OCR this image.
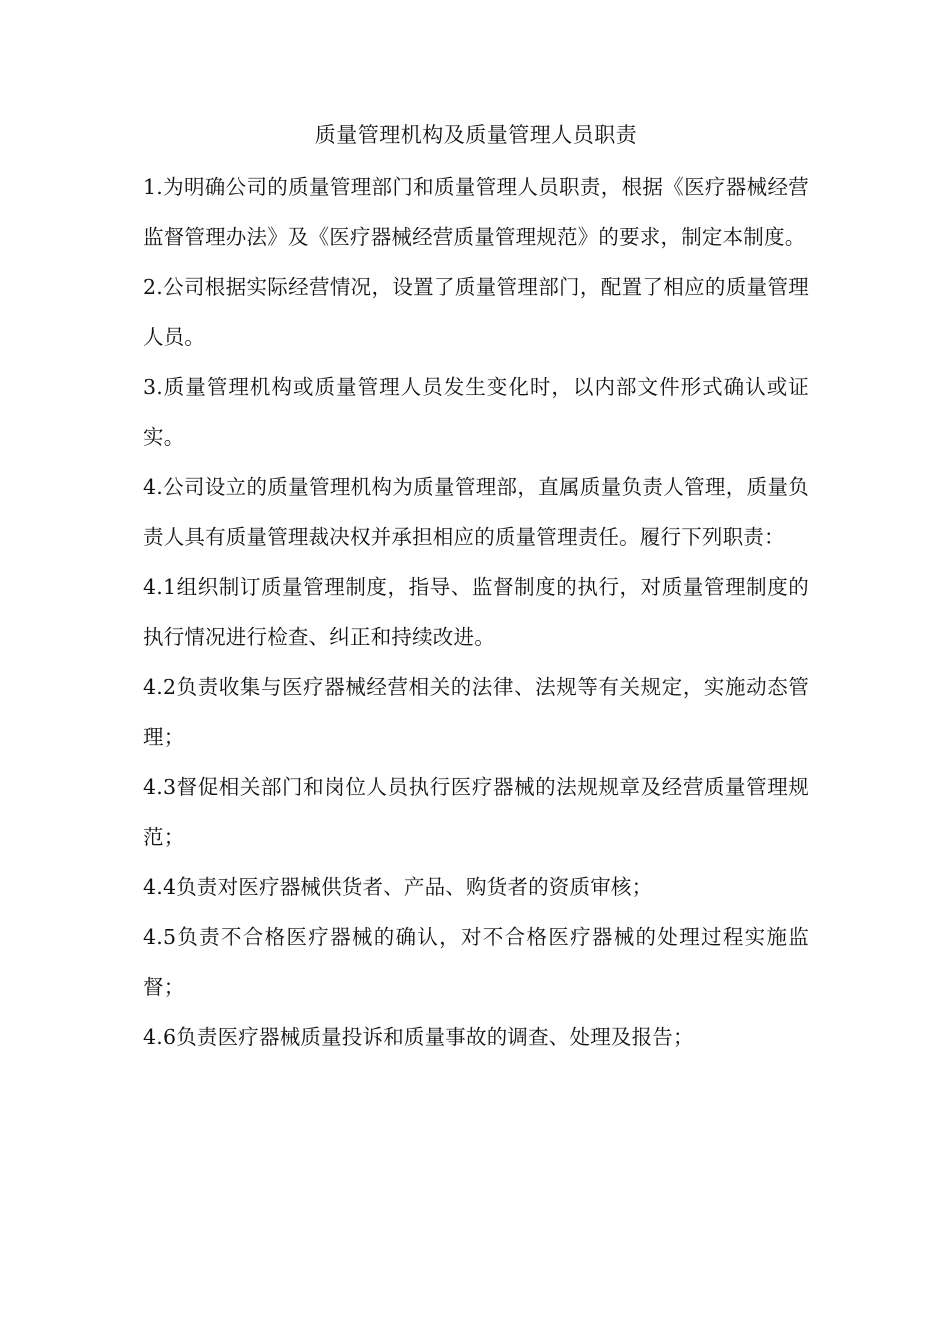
质量管理机构及质量管理人员职责

1.为明确公司的质量管理部门和质量管理人员职责，根据《医疗器械经营监督管理办法》及《医疗器械经营质量管理规范》的要求，制定本制度。

2.公司根据实际经营情况，设置了质量管理部门，配置了相应的质量管理人员。

3.质量管理机构或质量管理人员发生变化时，以内部文件形式确认或证实。

4.公司设立的质量管理机构为质量管理部，直属质量负责人管理，质量负责人具有质量管理裁决权并承担相应的质量管理责任。履行下列职责：

4.1组织制订质量管理制度，指导、监督制度的执行，对质量管理制度的执行情况进行检查、纠正和持续改进。

4.2负责收集与医疗器械经营相关的法律、法规等有关规定，实施动态管理；

4.3督促相关部门和岗位人员执行医疗器械的法规规章及经营质量管理规范；

4.4负责对医疗器械供货者、产品、购货者的资质审核；

4.5负责不合格医疗器械的确认，对不合格医疗器械的处理过程实施监督；

4.6负责医疗器械质量投诉和质量事故的调查、处理及报告；
